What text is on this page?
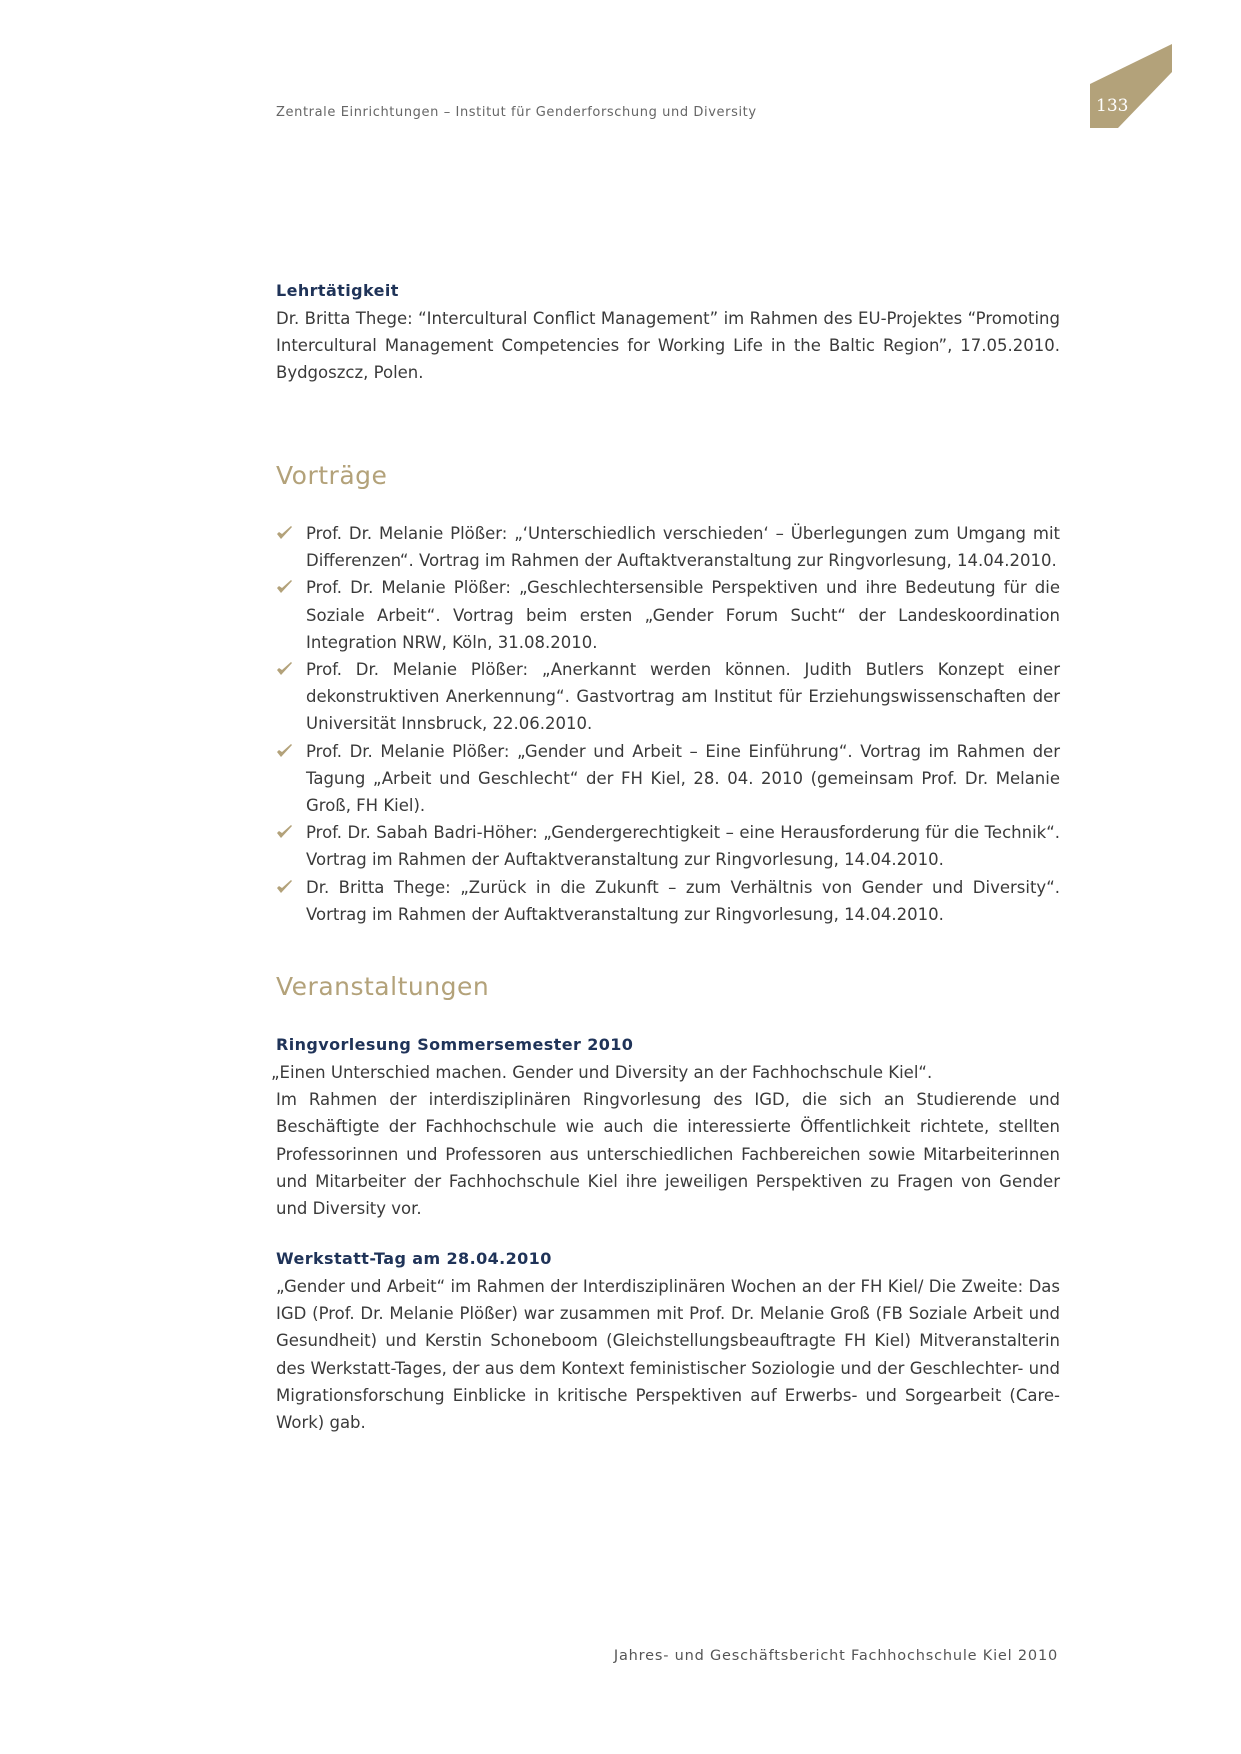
Zentrale Einrichtungen – Institut für Genderforschung und Diversity	133
Lehrtätigkeit

Dr. Britta Thege: “Intercultural Conflict Management” im Rahmen des EU-Projektes “Promoting Intercultural Management Competencies for Working Life in the Baltic Region”, 17.05.2010. Bydgoszcz, Polen.

Vorträge
Prof. Dr. Melanie Plößer: „‘Unterschiedlich verschieden‘ – Überlegungen zum Umgang mit Differenzen“. Vortrag im Rahmen der Auftaktveranstaltung zur Ringvorlesung, 14.04.2010.
Prof. Dr. Melanie Plößer: „Geschlechtersensible Perspektiven und ihre Bedeutung für die Soziale Arbeit“. Vortrag beim ersten „Gender Forum Sucht“ der Landeskoordination Integration NRW, Köln, 31.08.2010.
Prof. Dr. Melanie Plößer: „Anerkannt werden können. Judith Butlers Konzept einer dekonstruktiven Anerkennung“. Gastvortrag am Institut für Erziehungswissenschaften der Universität Innsbruck, 22.06.2010.
Prof. Dr. Melanie Plößer: „Gender und Arbeit – Eine Einführung“. Vortrag im Rahmen der Tagung „Arbeit und Geschlecht“ der FH Kiel, 28. 04. 2010 (gemeinsam Prof. Dr. Melanie Groß, FH Kiel).
Prof. Dr. Sabah Badri-Höher: „Gendergerechtigkeit – eine Herausforderung für die Technik“. Vortrag im Rahmen der Auftaktveranstaltung zur Ringvorlesung, 14.04.2010.
Dr. Britta Thege: „Zurück in die Zukunft – zum Verhältnis von Gender und Diversity“. Vortrag im Rahmen der Auftaktveranstaltung zur Ringvorlesung, 14.04.2010.
Veranstaltungen
Ringvorlesung Sommersemester 2010

„Einen Unterschied machen. Gender und Diversity an der Fachhochschule Kiel“.

Im Rahmen der interdisziplinären Ringvorlesung des IGD, die sich an Studierende und Beschäftigte der Fachhochschule wie auch die interessierte Öffentlichkeit richtete, stellten Professorinnen und Professoren aus unterschiedlichen Fachbereichen sowie Mitarbeiterinnen und Mitarbeiter der Fachhochschule Kiel ihre jeweiligen Perspektiven zu Fragen von Gender und Diversity vor.

Werkstatt-Tag am 28.04.2010

„Gender und Arbeit“ im Rahmen der Interdisziplinären Wochen an der FH Kiel/ Die Zweite: Das IGD (Prof. Dr. Melanie Plößer) war zusammen mit Prof. Dr. Melanie Groß (FB Soziale Arbeit und Gesundheit) und Kerstin Schoneboom (Gleichstellungsbeauftragte FH Kiel) Mitveranstalterin des Werkstatt-Tages, der aus dem Kontext feministischer Soziologie und der Geschlechter- und Migrationsforschung Einblicke in kritische Perspektiven auf Erwerbs- und Sorgearbeit (Care-Work) gab.

Jahres- und Geschäftsbericht Fachhochschule Kiel 2010
